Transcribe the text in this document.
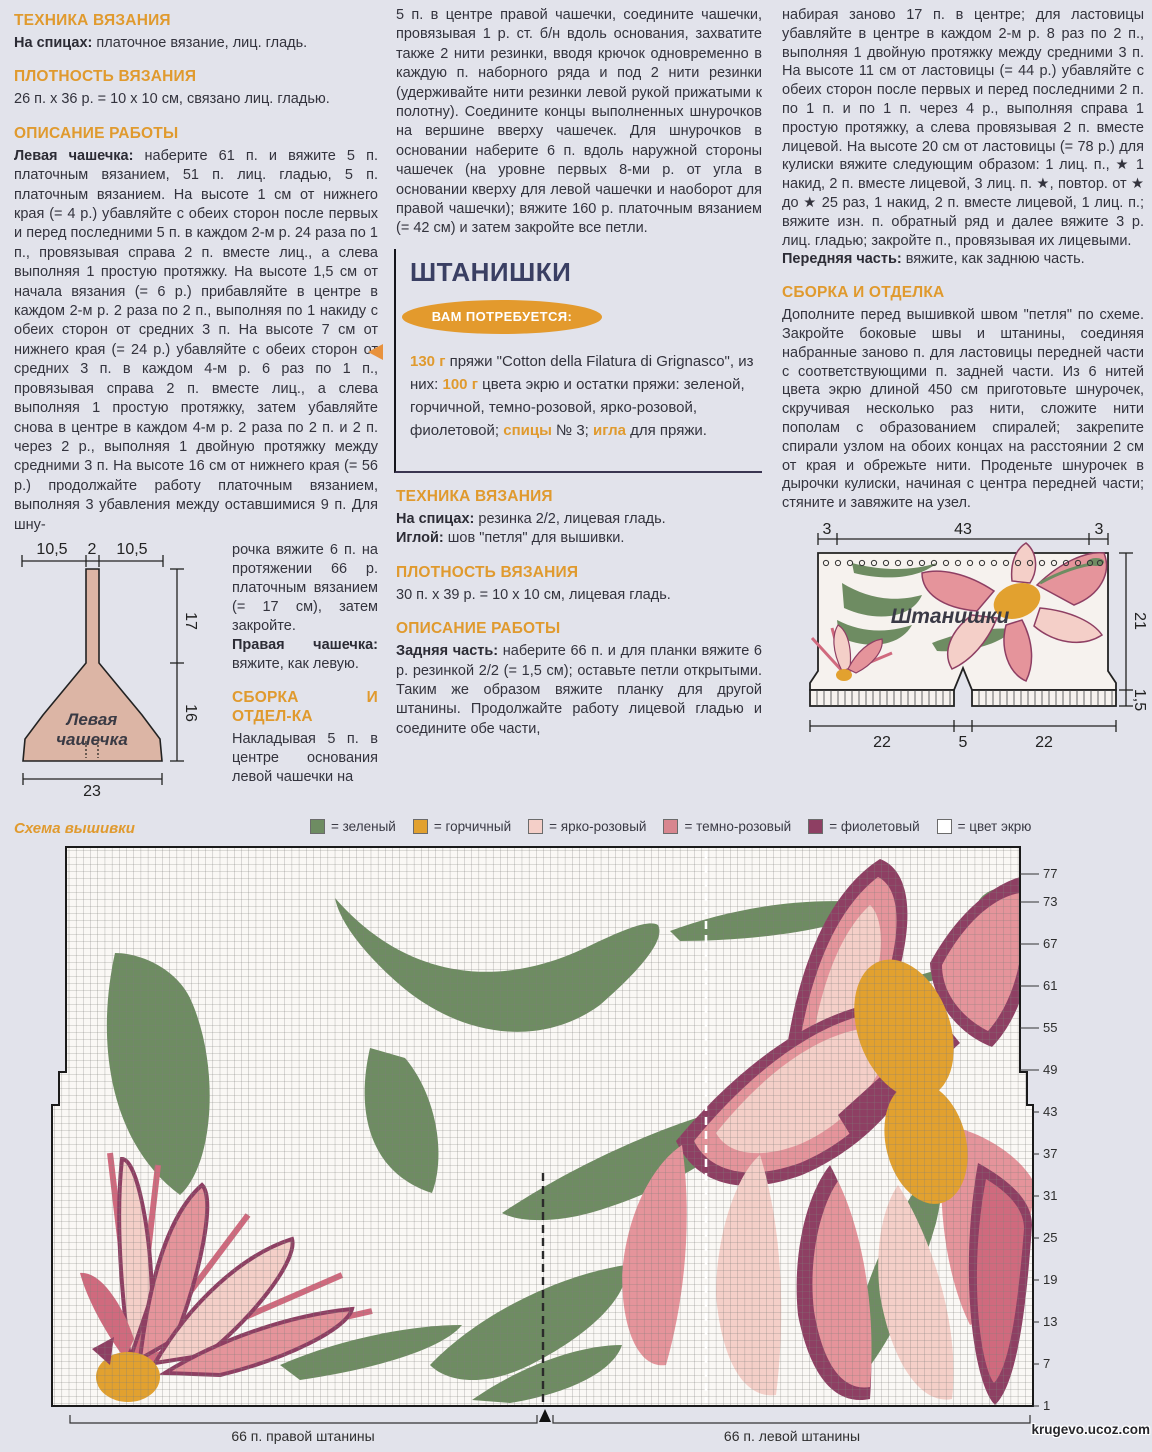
ТЕХНИКА ВЯЗАНИЯ

На спицах: платочное вязание, лиц. гладь.

ПЛОТНОСТЬ ВЯЗАНИЯ

26 п. x 36 р. = 10 x 10 см, связано лиц. гладью.

ОПИСАНИЕ РАБОТЫ

Левая чашечка: наберите 61 п. и вяжите 5 п. платочным вязанием, 51 п. лиц. гладью, 5 п. платочным вязанием. На высоте 1 см от нижнего края (= 4 р.) убавляйте с обеих сторон после первых и перед последними 5 п. в каждом 2-м р. 24 раза по 1 п., провязывая справа 2 п. вместе лиц., а слева выполняя 1 простую протяжку. На высоте 1,5 см от начала вязания (= 6 р.) прибавляйте в центре в каждом 2-м р. 2 раза по 2 п., выполняя по 1 накиду с обеих сторон от средних 3 п. На высоте 7 см от нижнего края (= 24 р.) убавляйте с обеих сторон от средних 3 п. в каждом 4-м р. 6 раз по 1 п., провязывая справа 2 п. вместе лиц., а слева выполняя 1 простую протяжку, затем убавляйте снова в центре в каждом 4-м р. 2 раза по 2 п. и 2 п. через 2 р., выполняя 1 двойную протяжку между средними 3 п. На высоте 16 см от нижнего края (= 56 р.) продолжайте работу платочным вязанием, выполняя 3 убавления между оставшимися 9 п. Для шну-

10,5 2 10,5
Левая
чашечка
17
16
23
рочка вяжите 6 п. на протяжении 66 р. платочным вязанием (= 17 см), затем закройте.
Правая чашечка: вяжите, как левую.
СБОРКА И ОТДЕЛ-КА
Накладывая 5 п. в центре основания левой чашечки на

5 п. в центре правой чашечки, соедините чашечки, провязывая 1 р. ст. б/н вдоль основания, захватите также 2 нити резинки, вводя крючок одновременно в каждую п. наборного ряда и под 2 нити резинки (удерживайте нити резинки левой рукой прижатыми к полотну). Соедините концы выполненных шнурочков на вершине вверху чашечек. Для шнурочков в основании наберите 6 п. вдоль наружной стороны чашечек (на уровне первых 8-ми р. от угла в основании кверху для левой чашечки и наоборот для правой чашечки); вяжите 160 р. платочным вязанием (= 42 см) и затем закройте все петли.

ШТАНИШКИ
ВАМ ПОТРЕБУЕТСЯ:

130 г пряжи "Cotton della Filatura di Grignasco", из них: 100 г цвета экрю и остатки пряжи: зеленой, горчичной, темно-розовой, ярко-розовой, фиолетовой; спицы № 3; игла для пряжи.

ТЕХНИКА ВЯЗАНИЯ

На спицах: резинка 2/2, лицевая гладь.
Иглой: шов "петля" для вышивки.

ПЛОТНОСТЬ ВЯЗАНИЯ

30 п. x 39 р. = 10 x 10 см, лицевая гладь.

ОПИСАНИЕ РАБОТЫ

Задняя часть: наберите 66 п. и для планки вяжите 6 р. резинкой 2/2 (= 1,5 см); оставьте петли открытыми. Таким же образом вяжите планку для другой штанины. Продолжайте работу лицевой гладью и соедините обе части,

набирая заново 17 п. в центре; для ластовицы убавляйте в центре в каждом 2-м р. 8 раз по 2 п., выполняя 1 двойную протяжку между средними 3 п. На высоте 11 см от ластовицы (= 44 р.) убавляйте с обеих сторон после первых и перед последними 2 п. по 1 п. и по 1 п. через 4 р., выполняя справа 1 простую протяжку, а слева провязывая 2 п. вместе лицевой. На высоте 20 см от ластовицы (= 78 р.) для кулиски вяжите следующим образом: 1 лиц. п., ★ 1 накид, 2 п. вместе лицевой, 3 лиц. п. ★, повтор. от ★ до ★ 25 раз, 1 накид, 2 п. вместе лицевой, 1 лиц. п.; вяжите изн. п. обратный ряд и далее вяжите 3 р. лиц. гладью; закройте п., провязывая их лицевыми.

Передняя часть: вяжите, как заднюю часть.

СБОРКА И ОТДЕЛКА

Дополните перед вышивкой швом "петля" по схеме. Закройте боковые швы и штанины, соединяя набранные заново п. для ластовицы передней части с соответствующими п. задней части. Из 6 нитей цвета экрю длиной 450 см приготовьте шнурочек, скручивая несколько раз нити, сложите нити пополам с образованием спиралей; закрепите спирали узлом на обоих концах на расстоянии 2 см от края и обрежьте нити. Проденьте шнурочек в дырочки кулиски, начиная с центра передней части; стяните и завяжите на узел.

3	43	3
Штанишки	21
1,5
22	5	22
Схема вышивки	= зеленый	= горчичный	= ярко-розовый	= темно-розовый	= фиолетовый	= цвет экрю
77
73
67
61
55
49
43
37
31
25
19
13
7
1
66 п. правой штанины	66 п. левой штанины	krugevo.ucoz.com
